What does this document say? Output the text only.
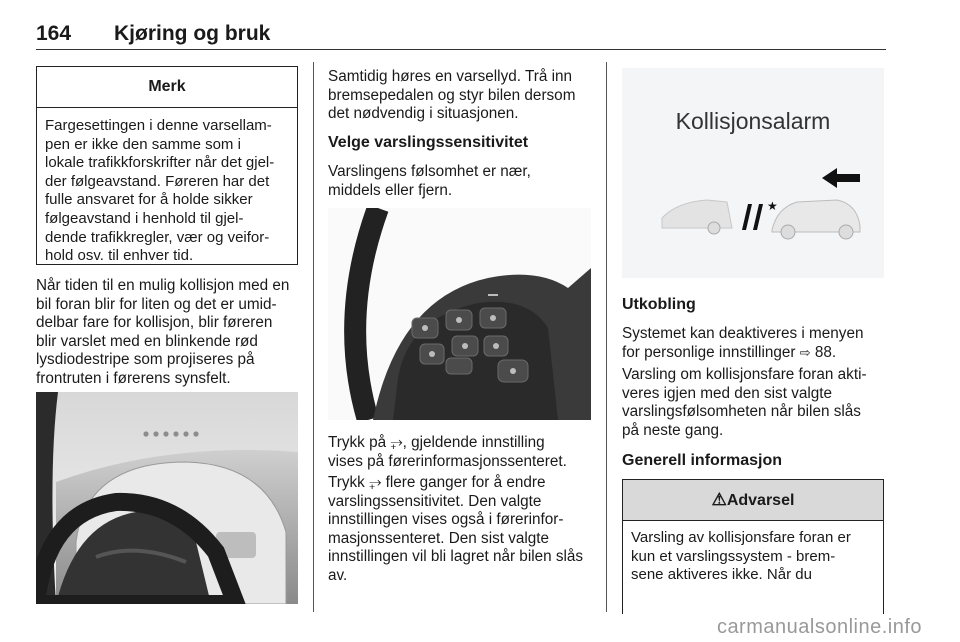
164 Kjøring og bruk
Merk
Fargesettingen i denne varsellam-
pen er ikke den samme som i
lokale trafikkforskrifter når det gjel-
der følgeavstand. Føreren har det
fulle ansvaret for å holde sikker
følgeavstand i henhold til gjel-
dende trafikkregler, vær og veifor-
hold osv. til enhver tid.
Når tiden til en mulig kollisjon med en
bil foran blir for liten og det er umid-
delbar fare for kollisjon, blir føreren
blir varslet med en blinkende rød
lysdiodestripe som projiseres på
frontruten i førerens synsfelt.
Samtidig høres en varsellyd. Trå inn
bremsepedalen og styr bilen dersom
det nødvendig i situasjonen.
Velge varslingssensitivitet
Varslingens følsomhet er nær,
middels eller fjern.
Trykk på ⥅, gjeldende innstilling
vises på førerinformasjonssenteret.
Trykk ⥅ flere ganger for å endre
varslingssensitivitet. Den valgte
innstillingen vises også i førerinfor-
masjonssenteret. Den sist valgte
innstillingen vil bli lagret når bilen slås
av.
Kollisjonsalarm
★
Utkobling
Systemet kan deaktiveres i menyen
for personlige innstillinger ⇨ 88.
Varsling om kollisjonsfare foran akti-
veres igjen med den sist valgte
varslingsfølsomheten når bilen slås
på neste gang.
Generell informasjon
⚠Advarsel
Varsling av kollisjonsfare foran er
kun et varslingssystem - brem-
sene aktiveres ikke. Når du
carmanualsonline.info
